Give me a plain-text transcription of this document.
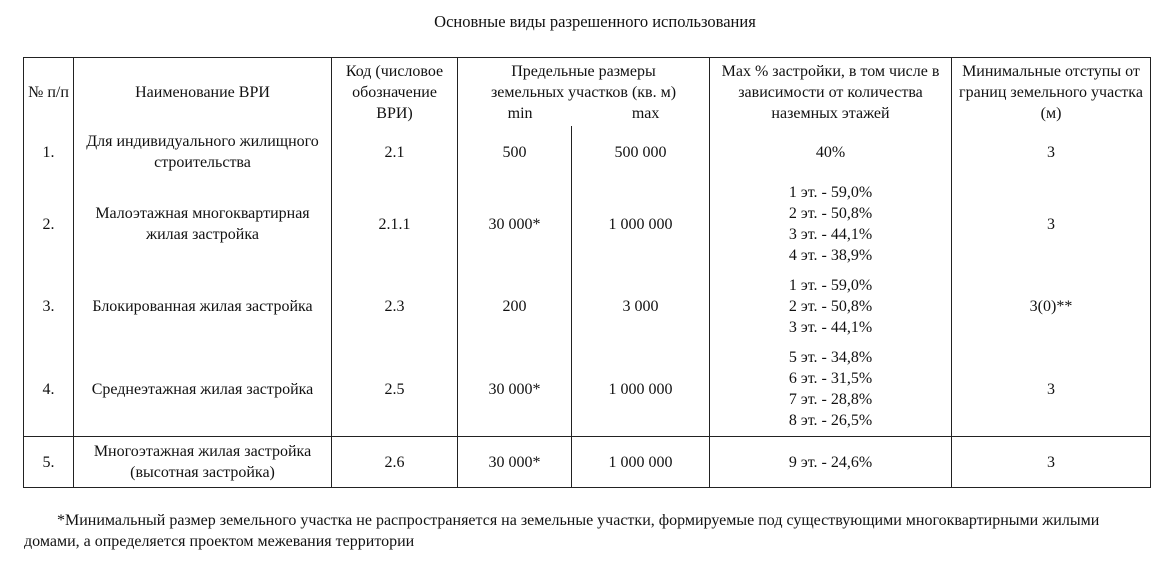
Основные виды разрешенного использования
№ п/п	Наименование ВРИ	Код (числовое обозначение ВРИ)	Предельные размеры земельных участков (кв. м)
min max		Max % застройки, в том числе в зависимости от количества наземных этажей	Минимальные отступы от границ земельного участка (м)
1.	Для индивидуального жилищного строительства	2.1	500	500 000	40%	3
2.	Малоэтажная многоквартирная жилая застройка	2.1.1	30 000*	1 000 000	1 эт. - 59,0%
2 эт. - 50,8%
3 эт. - 44,1%
4 эт. - 38,9%	3
3.	Блокированная жилая застройка	2.3	200	3 000	1 эт. - 59,0%
2 эт. - 50,8%
3 эт. - 44,1%	3(0)**
4.	Среднеэтажная жилая застройка	2.5	30 000*	1 000 000	5 эт. - 34,8%
6 эт. - 31,5%
7 эт. - 28,8%
8 эт. - 26,5%	3
5.	Многоэтажная жилая застройка (высотная застройка)	2.6	30 000*	1 000 000	9 эт. - 24,6%	3
*Минимальный размер земельного участка не распространяется на земельные участки, формируемые под существующими многоквартирными жилыми домами, а определяется проектом межевания территории
